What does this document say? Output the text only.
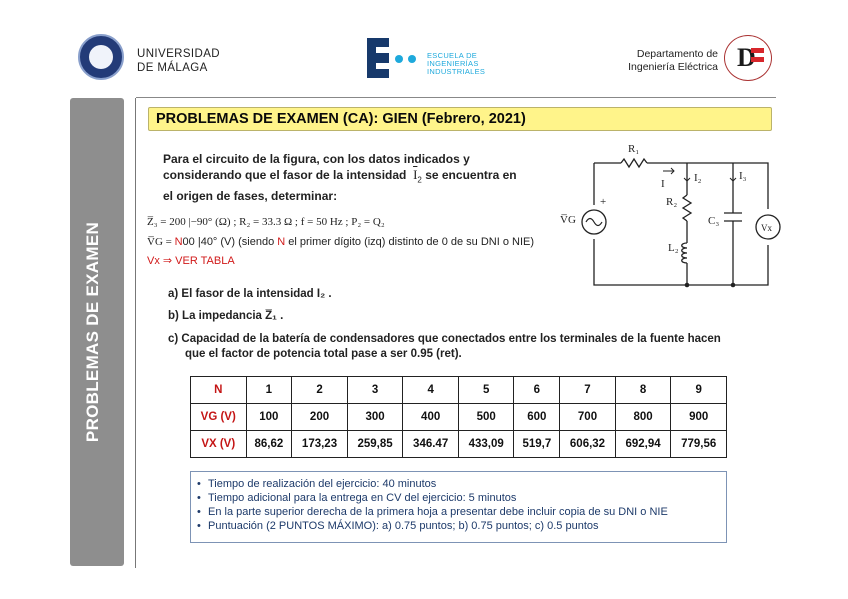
UNIVERSIDAD
DE MÁLAGA
ESCUELA DE
INGENIERÍAS
INDUSTRIALES
Departamento de
Ingeniería Eléctrica D
PROBLEMAS DE EXAMEN
PROBLEMAS DE EXAMEN (CA): GIEN (Febrero, 2021)
Para el circuito de la figura, con los datos indicados y
considerando que el fasor de la intensidad $\overline{I}_2$ se encuentra en
el origen de fases, determinar:
Z̅₃ = 200 |−90° (Ω) ; R₂ = 33.3 Ω ; f = 50 Hz ; P₂ = Q₂
V̅G = N00 |40° (V) (siendo N el primer dígito (izq) distinto de 0 de su DNI o NIE)
Vx ⇒ VER TABLA
R₁
I	I₂	I₃
R₂
L₂
C₃
V̅G
Vx
+
a) El fasor de la intensidad I₂ .
b) La impedancia Z̅₁ .
c) Capacidad de la batería de condensadores que conectados entre los terminales de la fuente hacen
que el factor de potencia total pase a ser 0.95 (ret).
N	1	2	3	4	5	6	7	8	9
VG (V)	100	200	300	400	500	600	700	800	900
VX (V)	86,62	173,23	259,85	346.47	433,09	519,7	606,32	692,94	779,56
• Tiempo de realización del ejercicio: 40 minutos
• Tiempo adicional para la entrega en CV del ejercicio: 5 minutos
• En la parte superior derecha de la primera hoja a presentar debe incluir copia de su DNI o NIE
• Puntuación (2 PUNTOS MÁXIMO): a) 0.75 puntos; b) 0.75 puntos; c) 0.5 puntos
